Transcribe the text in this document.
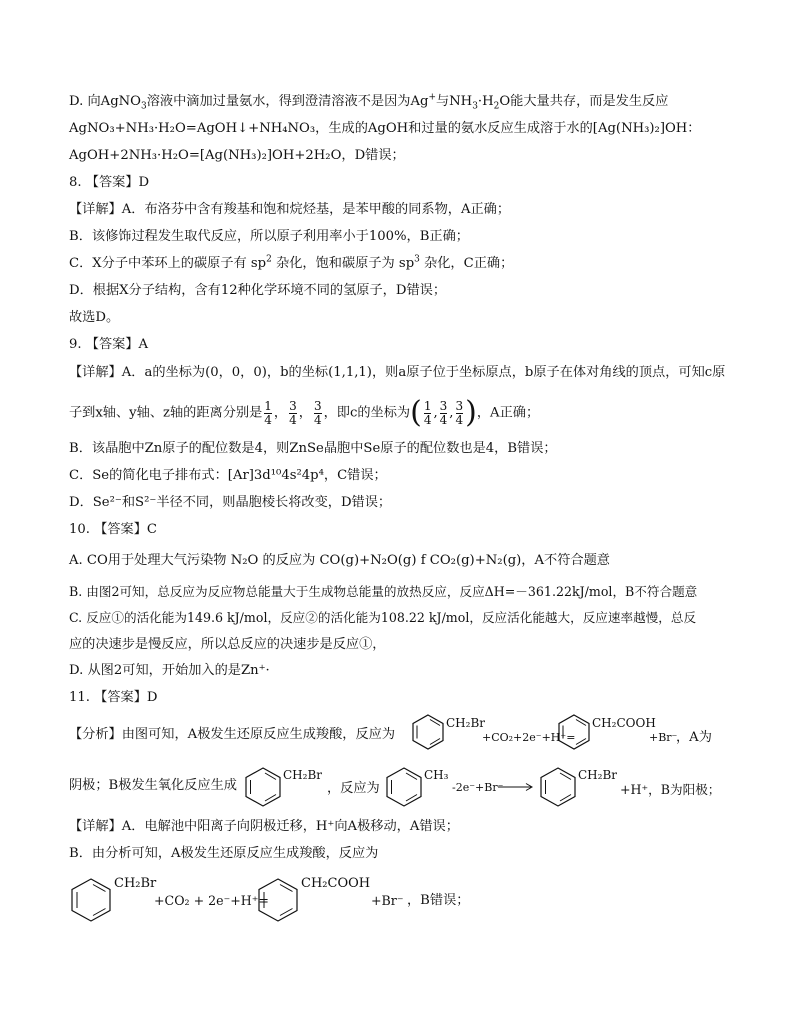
D. 向AgNO$_3$溶液中滴加过量氨水，得到澄清溶液不是因为Ag+与$NH_3\cdot H_2O$能大量共存，而是发生反应
AgNO₃+NH₃·H₂O=AgOH↓+NH₄NO₃，生成的AgOH和过量的氨水反应生成溶于水的[Ag(NH₃)₂]OH：
AgOH+2NH₃·H₂O=[Ag(NH₃)₂]OH+2H₂O，D错误；
8. 【答案】D
【详解】A．布洛芬中含有羧基和饱和烷烃基，是苯甲酸的同系物，A正确；
B．该修饰过程发生取代反应，所以原子利用率小于100%，B正确；
C．X分子中苯环上的碳原子有 $sp^2$ 杂化，饱和碳原子为 $sp^3$ 杂化，C正确；
D．根据X分子结构，含有12种化学环境不同的氢原子，D错误；
故选D。
9. 【答案】A
【详解】A．a的坐标为(0，0，0)，b的坐标(1,1,1)，则a原子位于坐标原点，b原子在体对角线的顶点，可知c原
子到x轴、y轴、z轴的距离分别是 $\frac{1}{4}$ ， $\frac{3}{4}$ ， $\frac{3}{4}$ ，即c的坐标为( $\frac{1}{4}$ , $\frac{3}{4}$ , $\frac{3}{4}$ )，A正确；
B．该晶胞中Zn原子的配位数是4，则ZnSe晶胞中Se原子的配位数也是4，B错误；
C．Se的简化电子排布式：[Ar]3d¹⁰4s²4p⁴，C错误；
D．Se²⁻和S²⁻半径不同，则晶胞棱长将改变，D错误；
10. 【答案】C
A. CO用于处理大气污染物 N₂O 的反应为 CO(g)+N₂O(g) f CO₂(g)+N₂(g)，A不符合题意
B. 由图2可知，总反应为反应物总能量大于生成物总能量的放热反应，反应ΔH=－361.22kJ/mol，B不符合题意
C. 反应①的活化能为149.6 kJ/mol，反应②的活化能为108.22 kJ/mol，反应活化能越大，反应速率越慢，总反
应的决速步是慢反应，所以总反应的决速步是反应①，
D. 从图2可知，开始加入的是Zn⁺·
11. 【答案】D
【分析】由图可知，A极发生还原反应生成羧酸，反应为
CH₂Br
+CO₂+2e⁻+H⁺=
CH₂COOH
+Br⁻
，A为
阴极；B极发生氧化反应生成
CH₂Br
，反应为
CH₃
-2e⁻+Br⁻
CH₂Br
+H⁺，B为阳极；
【详解】A．电解池中阳离子向阴极迁移，H⁺向A极移动，A错误；
B．由分析可知，A极发生还原反应生成羧酸，反应为
CH₂Br
+CO₂ + 2e⁻+H⁺=
CH₂COOH
+Br⁻ ，B错误；
